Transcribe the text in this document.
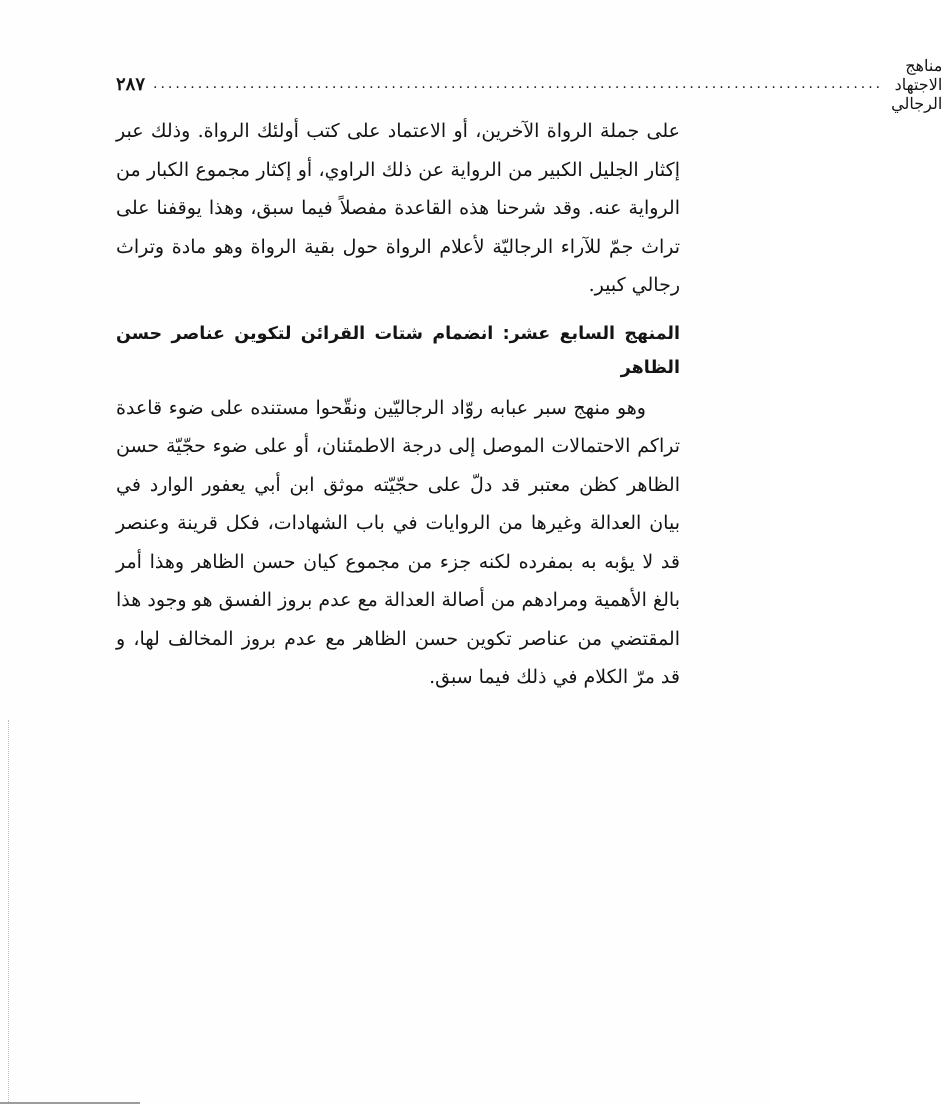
٢٨٧ ..................................................................................................
مناهج الاجتهاد الرجالي

على جملة الرواة الآخرين، أو الاعتماد على كتب أولئك الرواة. وذلك عبر إكثار الجليل الكبير من الرواية عن ذلك الراوي، أو إكثار مجموع الكبار من الرواية عنه. وقد شرحنا هذه القاعدة مفصلاً فيما سبق، وهذا يوقفنا على تراث جمّ للآراء الرجاليّة لأعلام الرواة حول بقية الرواة وهو مادة وتراث رجالي كبير.

المنهج السابع عشر: انضمام شتات القرائن لتكوين عناصر حسن الظاهر

وهو منهج سبر عبابه روّاد الرجاليّين ونقّحوا مستنده على ضوء قاعدة تراكم الاحتمالات الموصل إلى درجة الاطمئنان، أو على ضوء حجّيّة حسن الظاهر كظن معتبر قد دلّ على حجّيّته موثق ابن أبي يعفور الوارد في بيان العدالة وغيرها من الروايات في باب الشهادات، فكل قرينة وعنصر قد لا يؤبه به بمفرده لكنه جزء من مجموع كيان حسن الظاهر وهذا أمر بالغ الأهمية ومرادهم من أصالة العدالة مع عدم بروز الفسق هو وجود هذا المقتضي من عناصر تكوين حسن الظاهر مع عدم بروز المخالف لها، و قد مرّ الكلام في ذلك فيما سبق.
